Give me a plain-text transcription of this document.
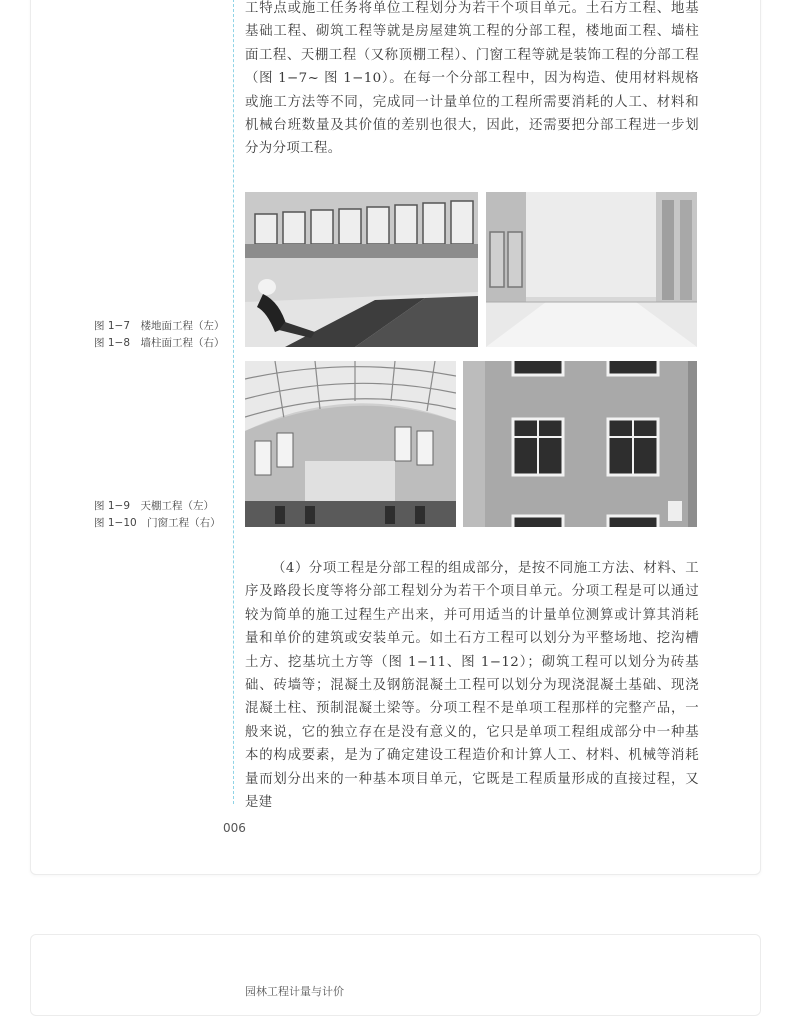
工特点或施工任务将单位工程划分为若干个项目单元。土石方工程、地基基础工程、砌筑工程等就是房屋建筑工程的分部工程，楼地面工程、墙柱面工程、天棚工程（又称顶棚工程）、门窗工程等就是装饰工程的分部工程（图 1−7~ 图 1−10）。在每一个分部工程中，因为构造、使用材料规格或施工方法等不同，完成同一计量单位的工程所需要消耗的人工、材料和机械台班数量及其价值的差别也很大，因此，还需要把分部工程进一步划分为分项工程。

图 1−7　楼地面工程（左）
图 1−8　墙柱面工程（右）
图 1−9　天棚工程（左）
图 1−10　门窗工程（右）

（4）分项工程是分部工程的组成部分，是按不同施工方法、材料、工序及路段长度等将分部工程划分为若干个项目单元。分项工程是可以通过较为简单的施工过程生产出来，并可用适当的计量单位测算或计算其消耗量和单价的建筑或安装单元。如土石方工程可以划分为平整场地、挖沟槽土方、挖基坑土方等（图 1−11、图 1−12）；砌筑工程可以划分为砖基础、砖墙等；混凝土及钢筋混凝土工程可以划分为现浇混凝土基础、现浇混凝土柱、预制混凝土梁等。分项工程不是单项工程那样的完整产品，一般来说，它的独立存在是没有意义的，它只是单项工程组成部分中一种基本的构成要素，是为了确定建设工程造价和计算人工、材料、机械等消耗量而划分出来的一种基本项目单元，它既是工程质量形成的直接过程，又是建

006
园林工程计量与计价
